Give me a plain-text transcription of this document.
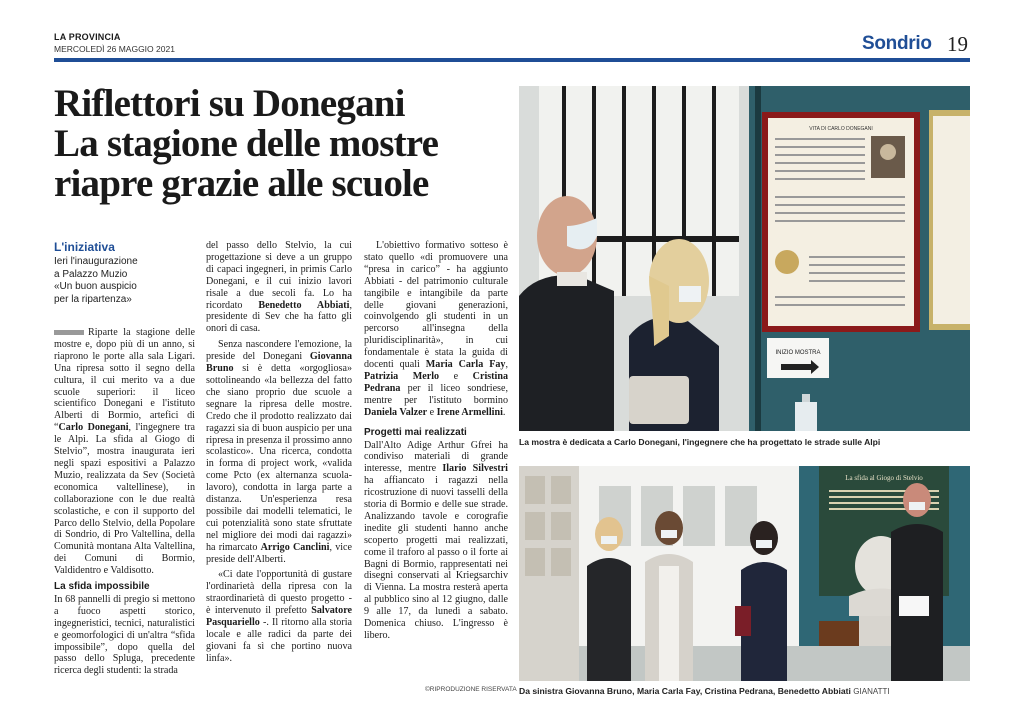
LA PROVINCIA
MERCOLEDÌ 26 MAGGIO 2021	Sondrio 19
Riflettori su Donegani
La stagione delle mostre
riapre grazie alle scuole
L'iniziativa
Ieri l'inaugurazione
a Palazzo Muzio
«Un buon auspicio
per la ripartenza»

Riparte la stagione delle mostre e, dopo più di un anno, si riaprono le porte alla sala Ligari. Una ripresa sotto il segno della cultura, il cui merito va a due scuole superiori: il liceo scientifico Donegani e l'istituto Alberti di Bormio, artefici di “Carlo Donegani, l'ingegnere tra le Alpi. La sfida al Giogo di Stelvio”, mostra inaugurata ieri negli spazi espositivi a Palazzo Muzio, realizzata da Sev (Società economica valtellinese), in collaborazione con le due realtà scolastiche, e con il supporto del Parco dello Stelvio, della Popolare di Sondrio, di Pro Valtellina, della Comunità montana Alta Valtellina, dei Comuni di Bormio, Valdidentro e Valdisotto.

La sfida impossibile

In 68 pannelli di pregio si mettono a fuoco aspetti storico, ingegneristici, tecnici, naturalistici e geomorfologici di un'altra “sfida impossibile”, dopo quella del passo dello Spluga, precedente ricerca degli studenti: la strada

del passo dello Stelvio, la cui progettazione si deve a un gruppo di capaci ingegneri, in primis Carlo Donegani, e il cui inizio lavori risale a due secoli fa. Lo ha ricordato Benedetto Abbiati, presidente di Sev che ha fatto gli onori di casa.

Senza nascondere l'emozione, la preside del Donegani Giovanna Bruno si è detta «orgogliosa» sottolineando «la bellezza del fatto che siano proprio due scuole a segnare la ripresa delle mostre. Credo che il prodotto realizzato dai ragazzi sia di buon auspicio per una ripresa in presenza il prossimo anno scolastico». Una ricerca, condotta in forma di project work, «valida come Pcto (ex alternanza scuola-lavoro), condotta in larga parte a distanza. Un'esperienza resa possibile dai modelli telematici, le cui potenzialità sono state sfruttate nel migliore dei modi dai ragazzi» ha rimarcato Arrigo Canclini, vice preside dell'Alberti.

«Ci date l'opportunità di gustare l'ordinarietà della ripresa con la straordinarietà di questo progetto - è intervenuto il prefetto Salvatore Pasquariello -. Il ritorno alla storia locale e alle radici da parte dei giovani fa sì che portino nuova linfa».

L'obiettivo formativo sotteso è stato quello «di promuovere una “presa in carico” - ha aggiunto Abbiati - del patrimonio culturale tangibile e intangibile da parte delle giovani generazioni, coinvolgendo gli studenti in un percorso all'insegna della pluridisciplinarità», in cui fondamentale è stata la guida di docenti quali Maria Carla Fay, Patrizia Merlo e Cristina Pedrana per il liceo sondriese, mentre per l'istituto bormino Daniela Valzer e Irene Armellini.

Progetti mai realizzati

Dall'Alto Adige Arthur Gfrei ha condiviso materiali di grande interesse, mentre Ilario Silvestri ha affiancato i ragazzi nella ricostruzione di nuovi tasselli della storia di Bormio e delle sue strade. Analizzando tavole e corografie inedite gli studenti hanno anche scoperto progetti mai realizzati, come il traforo al passo o il forte ai Bagni di Bormio, rappresentati nei disegni conservati al Kriegsarchiv di Vienna. La mostra resterà aperta al pubblico sino al 12 giugno, dalle 9 alle 17, da lunedì a sabato. Domenica chiuso. L'ingresso è libero.

©RIPRODUZIONE RISERVATA
VITA DI CARLO DONEGANI
INIZIO MOSTRA
La mostra è dedicata a Carlo Donegani, l'ingegnere che ha progettato le strade sulle Alpi
La sfida al Giogo di Stelvio
Da sinistra Giovanna Bruno, Maria Carla Fay, Cristina Pedrana, Benedetto Abbiati GIANATTI
